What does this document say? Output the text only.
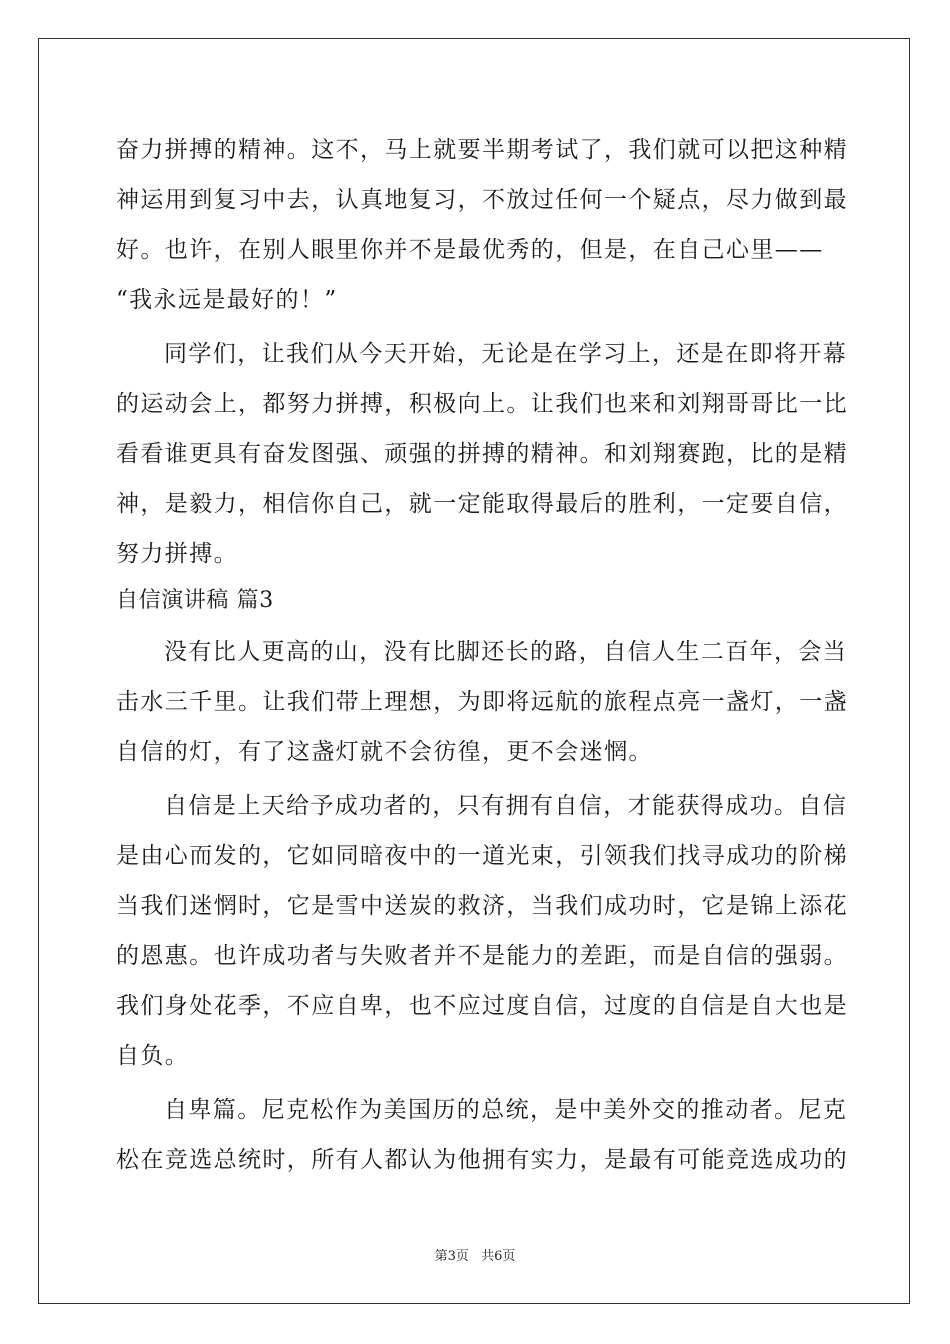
奋力拼搏的精神。这不，马上就要半期考试了，我们就可以把这种精
神运用到复习中去，认真地复习，不放过任何一个疑点，尽力做到最
好。也许，在别人眼里你并不是最优秀的，但是，在自己心里——
“我永远是最好的！”
同学们，让我们从今天开始，无论是在学习上，还是在即将开幕
的运动会上，都努力拼搏，积极向上。让我们也来和刘翔哥哥比一比
看看谁更具有奋发图强、顽强的拼搏的精神。和刘翔赛跑，比的是精
神，是毅力，相信你自己，就一定能取得最后的胜利，一定要自信，
努力拼搏。
自信演讲稿 篇3
没有比人更高的山，没有比脚还长的路，自信人生二百年，会当
击水三千里。让我们带上理想，为即将远航的旅程点亮一盏灯，一盏
自信的灯，有了这盏灯就不会彷徨，更不会迷惘。
自信是上天给予成功者的，只有拥有自信，才能获得成功。自信
是由心而发的，它如同暗夜中的一道光束，引领我们找寻成功的阶梯
当我们迷惘时，它是雪中送炭的救济，当我们成功时，它是锦上添花
的恩惠。也许成功者与失败者并不是能力的差距，而是自信的强弱。
我们身处花季，不应自卑，也不应过度自信，过度的自信是自大也是
自负。
自卑篇。尼克松作为美国历的总统，是中美外交的推动者。尼克
松在竞选总统时，所有人都认为他拥有实力，是最有可能竞选成功的
第3页 共6页
